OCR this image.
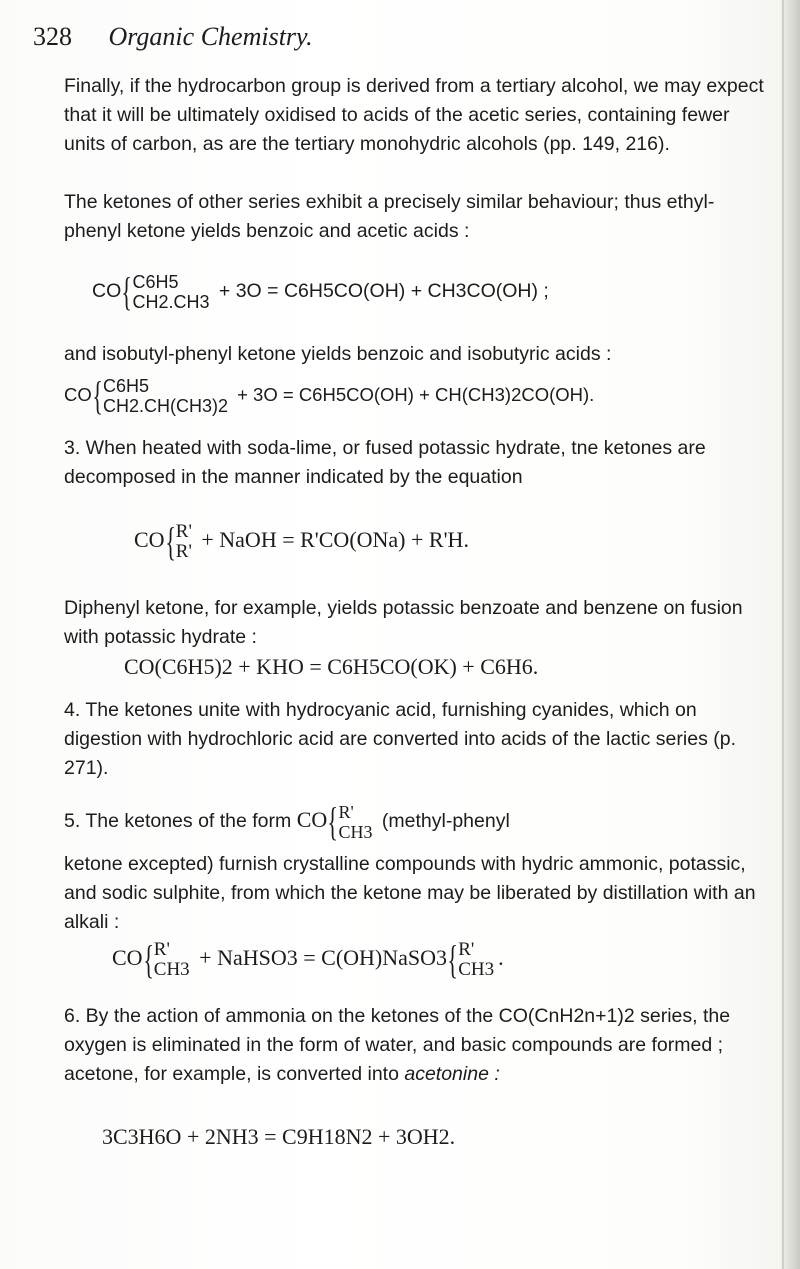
328 Organic Chemistry.

Finally, if the hydrocarbon group is derived from a tertiary alcohol, we may expect that it will be ultimately oxidised to acids of the acetic series, containing fewer units of carbon, as are the tertiary monohydric alcohols (pp. 149, 216).

The ketones of other series exhibit a precisely similar behaviour; thus ethyl-phenyl ketone yields benzoic and acetic acids :

CO{ C6H5
CH2.CH3 + 3O = C6H5CO(OH) + CH3CO(OH) ;

and isobutyl-phenyl ketone yields benzoic and isobutyric acids :

CO{ C6H5
CH2.CH(CH3)2
+ 3O = C6H5CO(OH) + CH(CH3)2CO(OH).

3. When heated with soda-lime, or fused potassic hydrate, tne ketones are decomposed in the manner indicated by the equation

CO{ R'
R' + NaOH = R'CO(ONa) + R'H.

Diphenyl ketone, for example, yields potassic benzoate and benzene on fusion with potassic hydrate :

CO(C6H5)2 + KHO = C6H5CO(OK) + C6H6.

4. The ketones unite with hydrocyanic acid, furnishing cyanides, which on digestion with hydrochloric acid are converted into acids of the lactic series (p. 271).

5. The ketones of the form CO{ R'
CH3 (methyl-phenyl

ketone excepted) furnish crystalline compounds with hydric ammonic, potassic, and sodic sulphite, from which the ketone may be liberated by distillation with an alkali :

CO{ R'
CH3 + NaHSO3 = C(OH)NaSO3{ R'
CH3 .

6. By the action of ammonia on the ketones of the CO(CnH2n+1)2 series, the oxygen is eliminated in the form of water, and basic compounds are formed ; acetone, for example, is converted into acetonine :

3C3H6O + 2NH3 = C9H18N2 + 3OH2.
